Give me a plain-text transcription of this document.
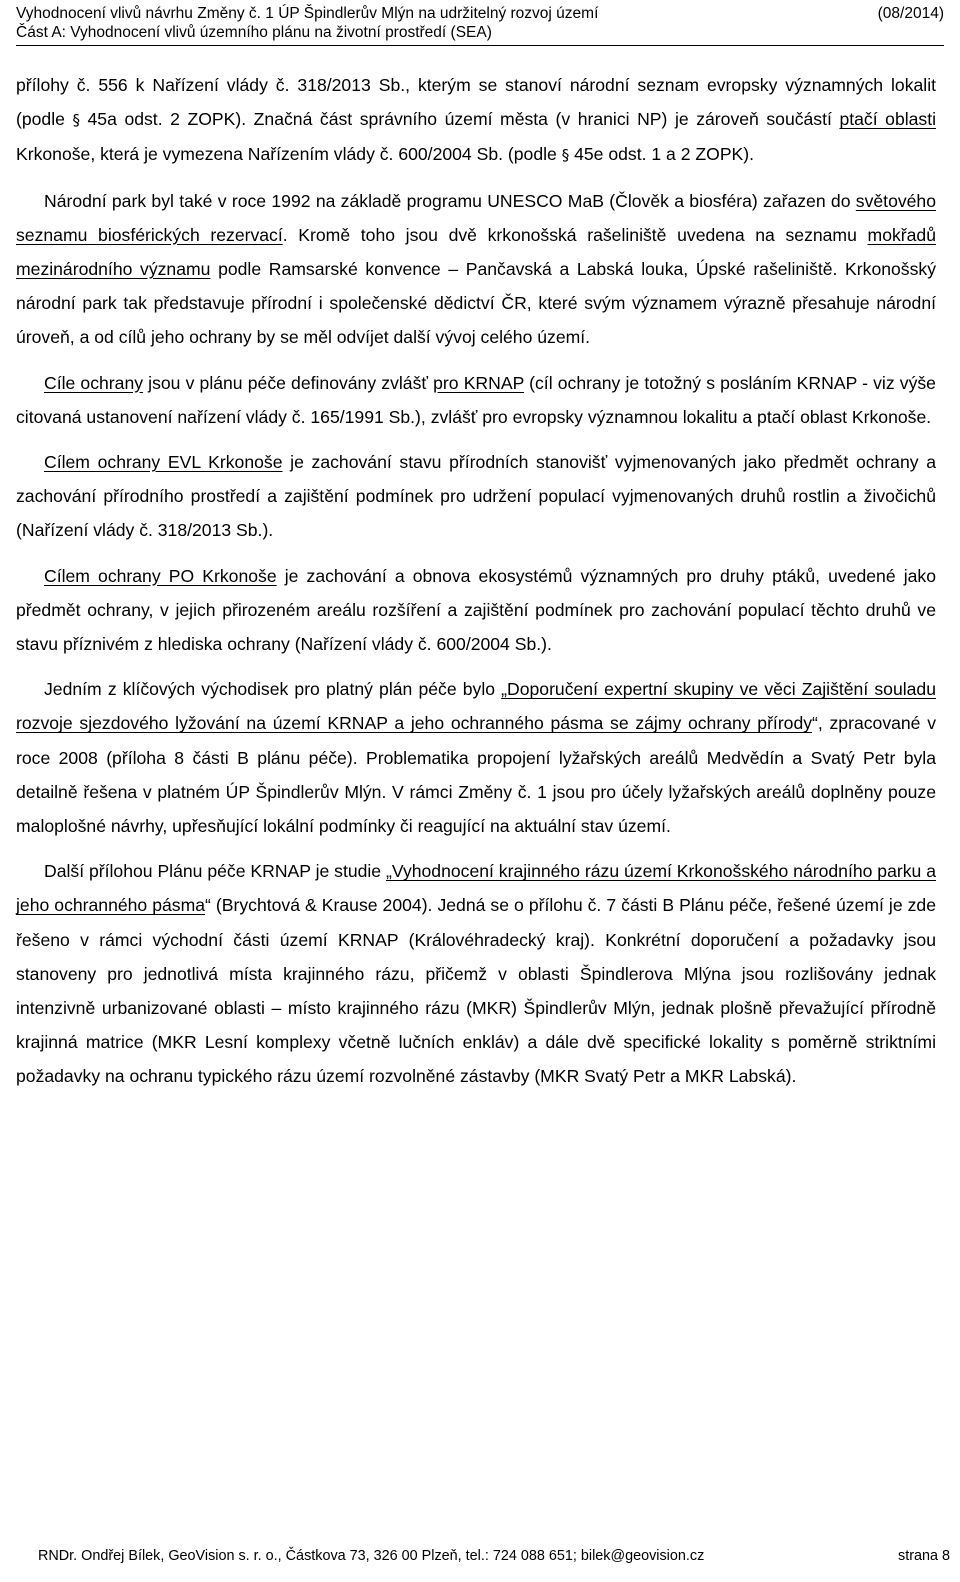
Vyhodnocení vlivů návrhu Změny č. 1 ÚP Špindlerův Mlýn na udržitelný rozvoj území	(08/2014)
Část A: Vyhodnocení vlivů územního plánu na životní prostředí (SEA)

přílohy č. 556 k Nařízení vlády č. 318/2013 Sb., kterým se stanoví národní seznam evropsky významných lokalit (podle § 45a odst. 2 ZOPK). Značná část správního území města (v hranici NP) je zároveň součástí ptačí oblasti Krkonoše, která je vymezena Nařízením vlády č. 600/2004 Sb. (podle § 45e odst. 1 a 2 ZOPK).

Národní park byl také v roce 1992 na základě programu UNESCO MaB (Člověk a biosféra) zařazen do světového seznamu biosférických rezervací. Kromě toho jsou dvě krkonošská rašeliniště uvedena na seznamu mokřadů mezinárodního významu podle Ramsarské konvence – Pančavská a Labská louka, Úpské rašeliniště. Krkonošský národní park tak představuje přírodní i společenské dědictví ČR, které svým významem výrazně přesahuje národní úroveň, a od cílů jeho ochrany by se měl odvíjet další vývoj celého území.

Cíle ochrany jsou v plánu péče definovány zvlášť pro KRNAP (cíl ochrany je totožný s posláním KRNAP - viz výše citovaná ustanovení nařízení vlády č. 165/1991 Sb.), zvlášť pro evropsky významnou lokalitu a ptačí oblast Krkonoše.

Cílem ochrany EVL Krkonoše je zachování stavu přírodních stanovišť vyjmenovaných jako předmět ochrany a zachování přírodního prostředí a zajištění podmínek pro udržení populací vyjmenovaných druhů rostlin a živočichů (Nařízení vlády č. 318/2013 Sb.).

Cílem ochrany PO Krkonoše je zachování a obnova ekosystémů významných pro druhy ptáků, uvedené jako předmět ochrany, v jejich přirozeném areálu rozšíření a zajištění podmínek pro zachování populací těchto druhů ve stavu příznivém z hlediska ochrany (Nařízení vlády č. 600/2004 Sb.).

Jedním z klíčových východisek pro platný plán péče bylo „Doporučení expertní skupiny ve věci Zajištění souladu rozvoje sjezdového lyžování na území KRNAP a jeho ochranného pásma se zájmy ochrany přírody“, zpracované v roce 2008 (příloha 8 části B plánu péče). Problematika propojení lyžařských areálů Medvědín a Svatý Petr byla detailně řešena v platném ÚP Špindlerův Mlýn. V rámci Změny č. 1 jsou pro účely lyžařských areálů doplněny pouze maloplošné návrhy, upřesňující lokální podmínky či reagující na aktuální stav území.

Další přílohou Plánu péče KRNAP je studie „Vyhodnocení krajinného rázu území Krkonošského národního parku a jeho ochranného pásma“ (Brychtová & Krause 2004). Jedná se o přílohu č. 7 části B Plánu péče, řešené území je zde řešeno v rámci východní části území KRNAP (Královéhradecký kraj). Konkrétní doporučení a požadavky jsou stanoveny pro jednotlivá místa krajinného rázu, přičemž v oblasti Špindlerova Mlýna jsou rozlišovány jednak intenzivně urbanizované oblasti – místo krajinného rázu (MKR) Špindlerův Mlýn, jednak plošně převažující přírodně krajinná matrice (MKR Lesní komplexy včetně lučních enkláv) a dále dvě specifické lokality s poměrně striktními požadavky na ochranu typického rázu území rozvolněné zástavby (MKR Svatý Petr a MKR Labská).

RNDr. Ondřej Bílek, GeoVision s. r. o., Částkova 73, 326 00 Plzeň, tel.: 724 088 651; bilek@geovision.cz	strana 8
